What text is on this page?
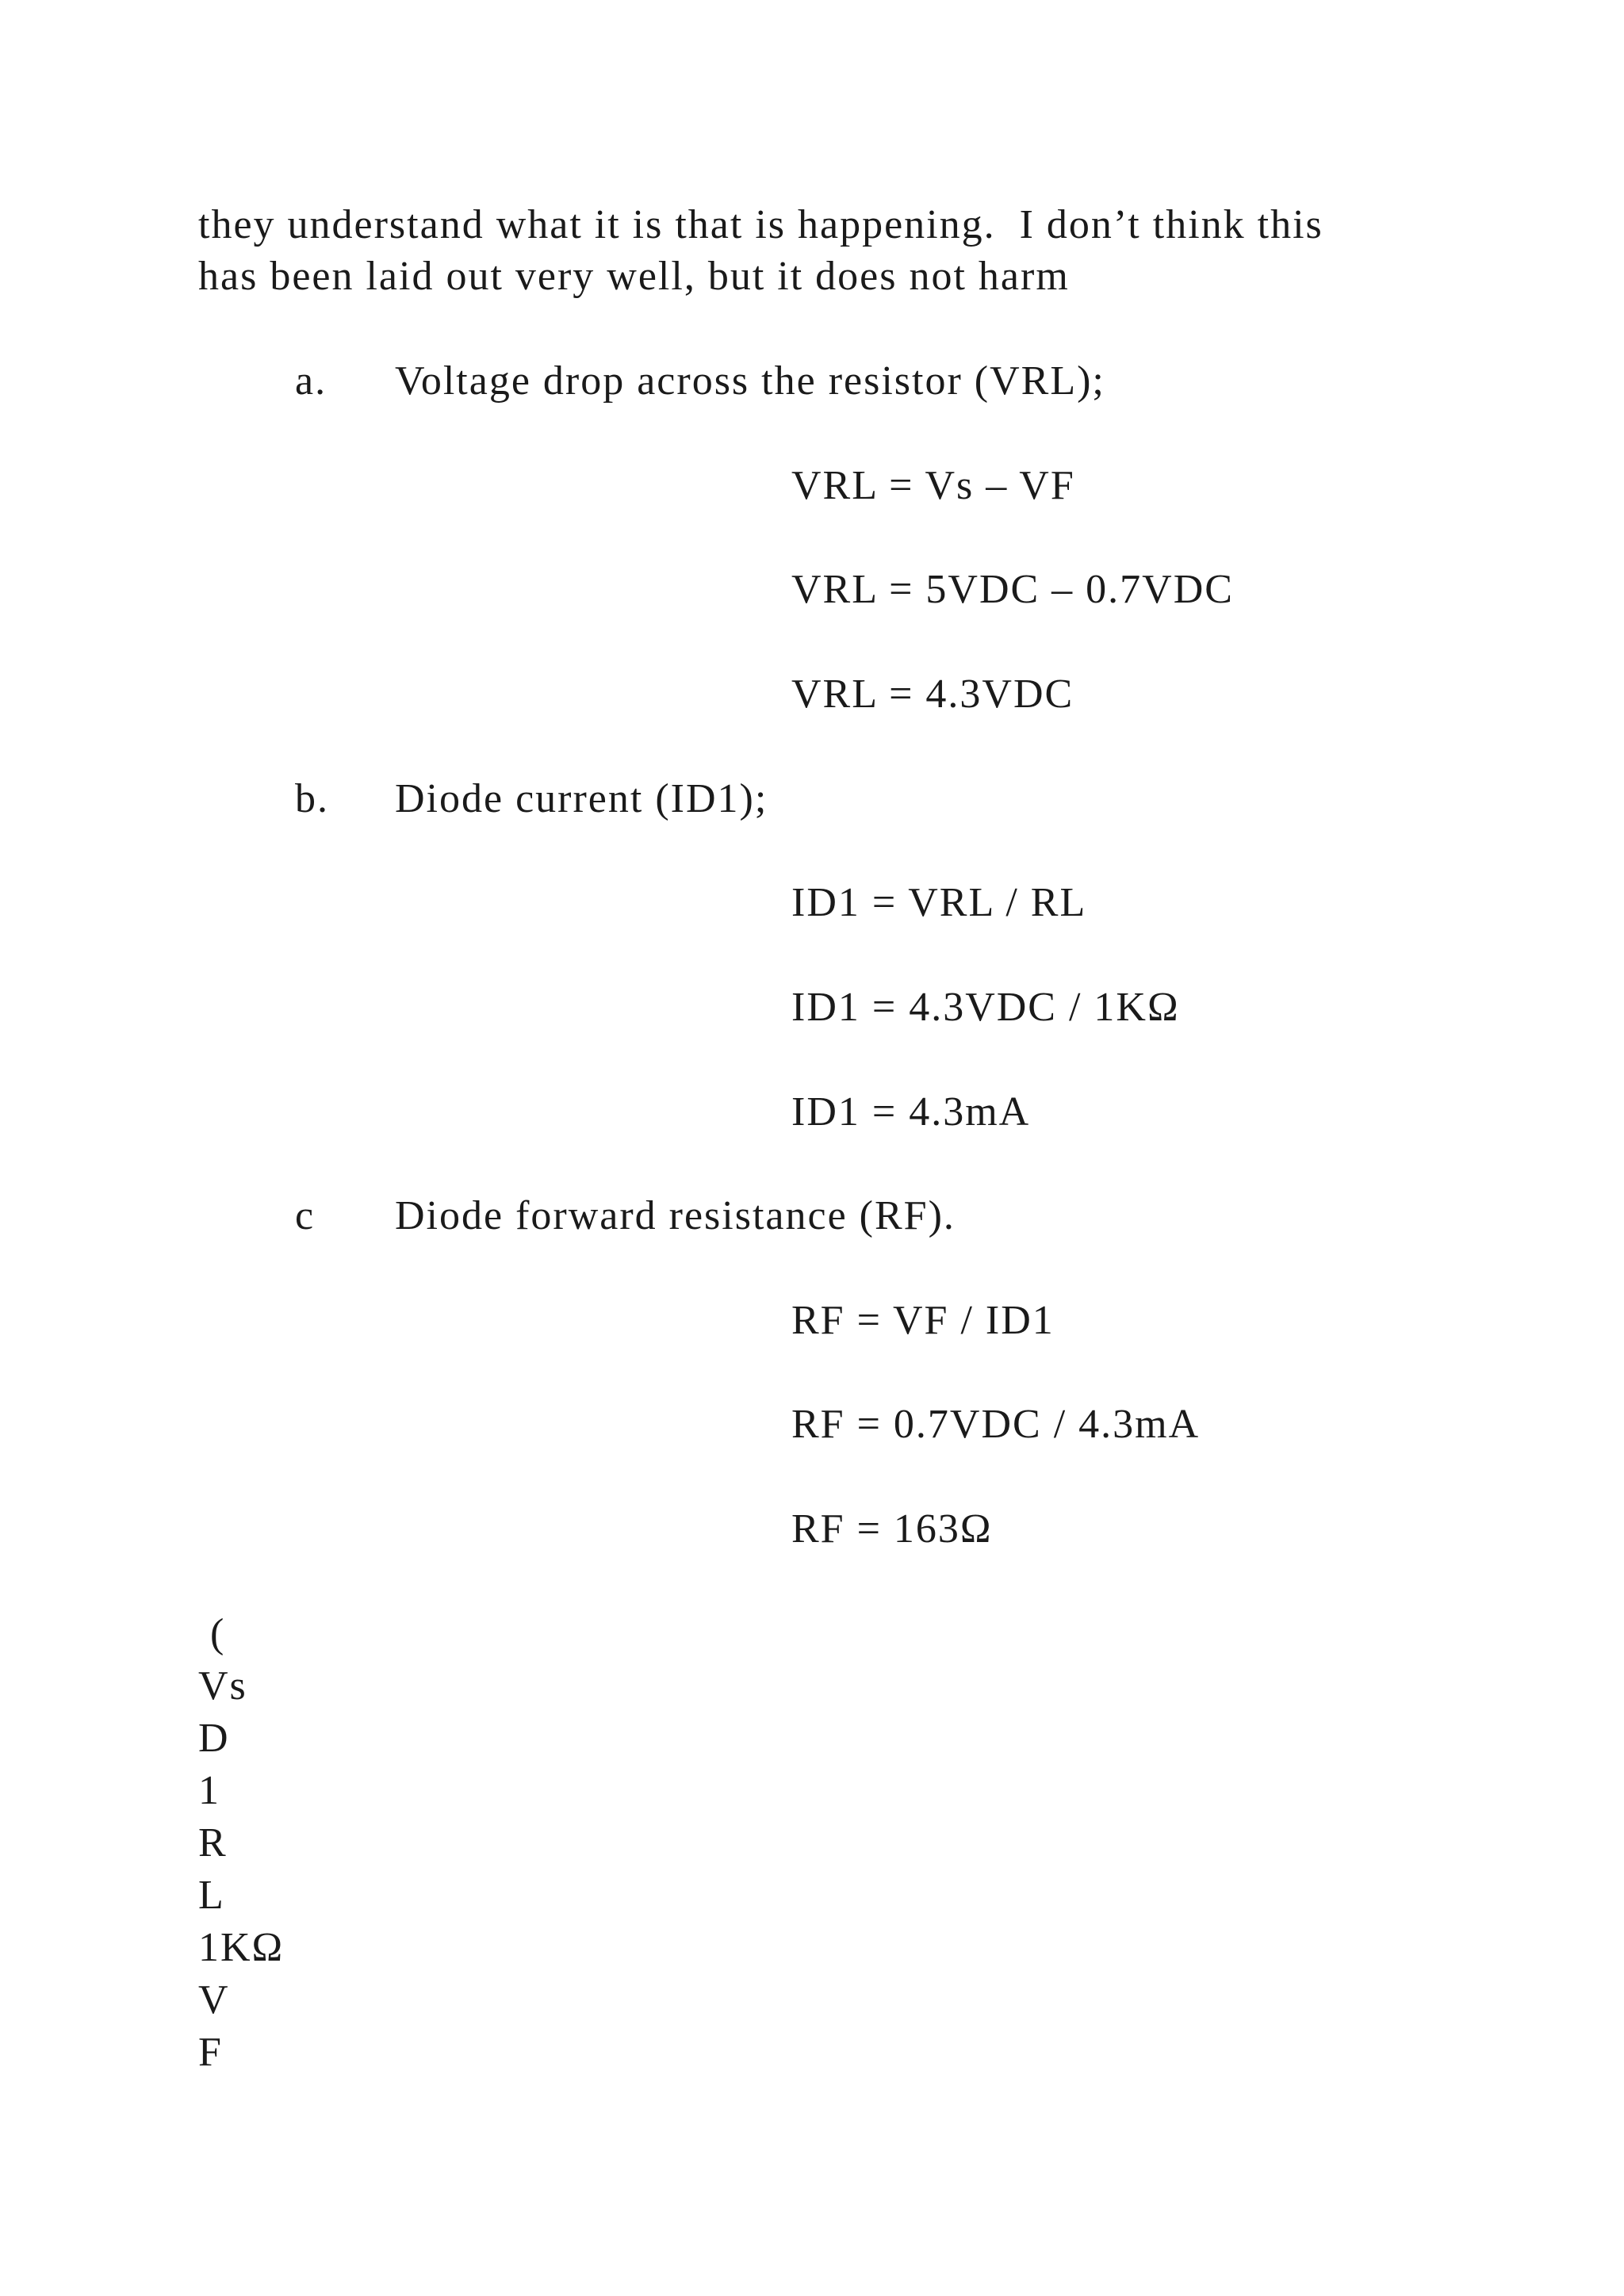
they understand what it is that is happening.  I don’t think this
has been laid out very well, but it does not harm
a. Voltage drop across the resistor (VRL);
VRL = Vs – VF
VRL = 5VDC – 0.7VDC
VRL = 4.3VDC
b. Diode current (ID1);
ID1 = VRL / RL
ID1 = 4.3VDC / 1KΩ
ID1 = 4.3mA
c Diode forward resistance (RF).
RF = VF / ID1
RF = 0.7VDC / 4.3mA
RF = 163Ω
(
Vs
D
1
R
L
1KΩ
V
F
